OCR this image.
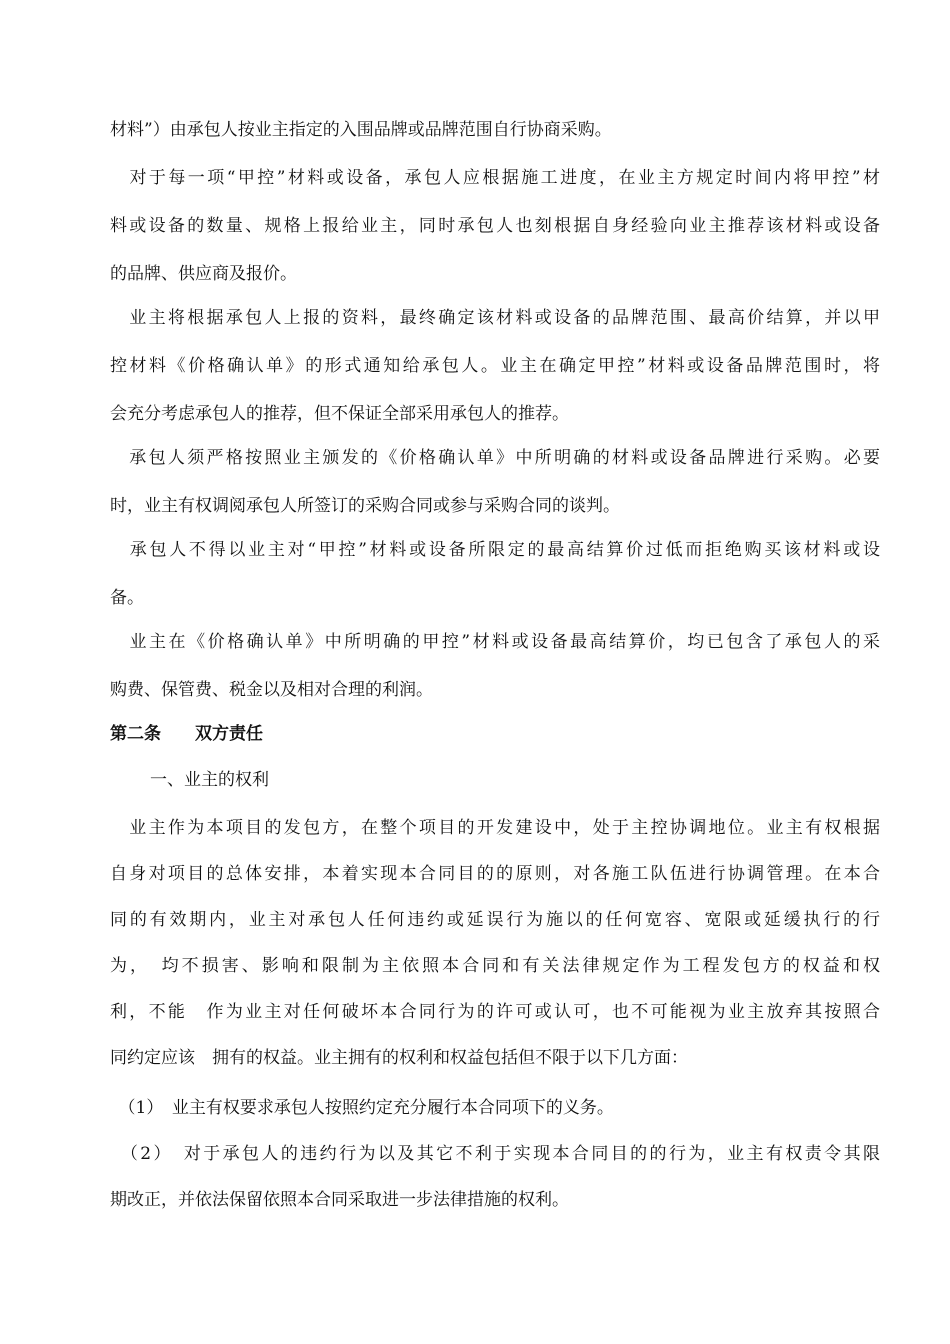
材料”）由承包人按业主指定的入围品牌或品牌范围自行协商采购。
　对于每一项“甲控”材料或设备，承包人应根据施工进度，在业主方规定时间内将甲控”材
料或设备的数量、规格上报给业主，同时承包人也刻根据自身经验向业主推荐该材料或设备
的品牌、供应商及报价。
　业主将根据承包人上报的资料，最终确定该材料或设备的品牌范围、最高价结算，并以甲
控材料《价格确认单》的形式通知给承包人。业主在确定甲控”材料或设备品牌范围时，将
会充分考虑承包人的推荐，但不保证全部采用承包人的推荐。
　承包人须严格按照业主颁发的《价格确认单》中所明确的材料或设备品牌进行采购。必要
时，业主有权调阅承包人所签订的采购合同或参与采购合同的谈判。
　承包人不得以业主对“甲控”材料或设备所限定的最高结算价过低而拒绝购买该材料或设
备。
　业主在《价格确认单》中所明确的甲控”材料或设备最高结算价，均已包含了承包人的采
购费、保管费、税金以及相对合理的利润。
第二条　　双方责任
一、业主的权利
　业主作为本项目的发包方，在整个项目的开发建设中，处于主控协调地位。业主有权根据
自身对项目的总体安排，本着实现本合同目的的原则，对各施工队伍进行协调管理。在本合
同的有效期内，业主对承包人任何违约或延误行为施以的任何宽容、宽限或延缓执行的行
为，　均不损害、影响和限制为主依照本合同和有关法律规定作为工程发包方的权益和权
利，不能　作为业主对任何破坏本合同行为的许可或认可，也不可能视为业主放弃其按照合
同约定应该　拥有的权益。业主拥有的权利和权益包括但不限于以下几方面：
　（1）　业主有权要求承包人按照约定充分履行本合同项下的义务。
　（2）　对于承包人的违约行为以及其它不利于实现本合同目的的行为，业主有权责令其限
期改正，并依法保留依照本合同采取进一步法律措施的权利。
